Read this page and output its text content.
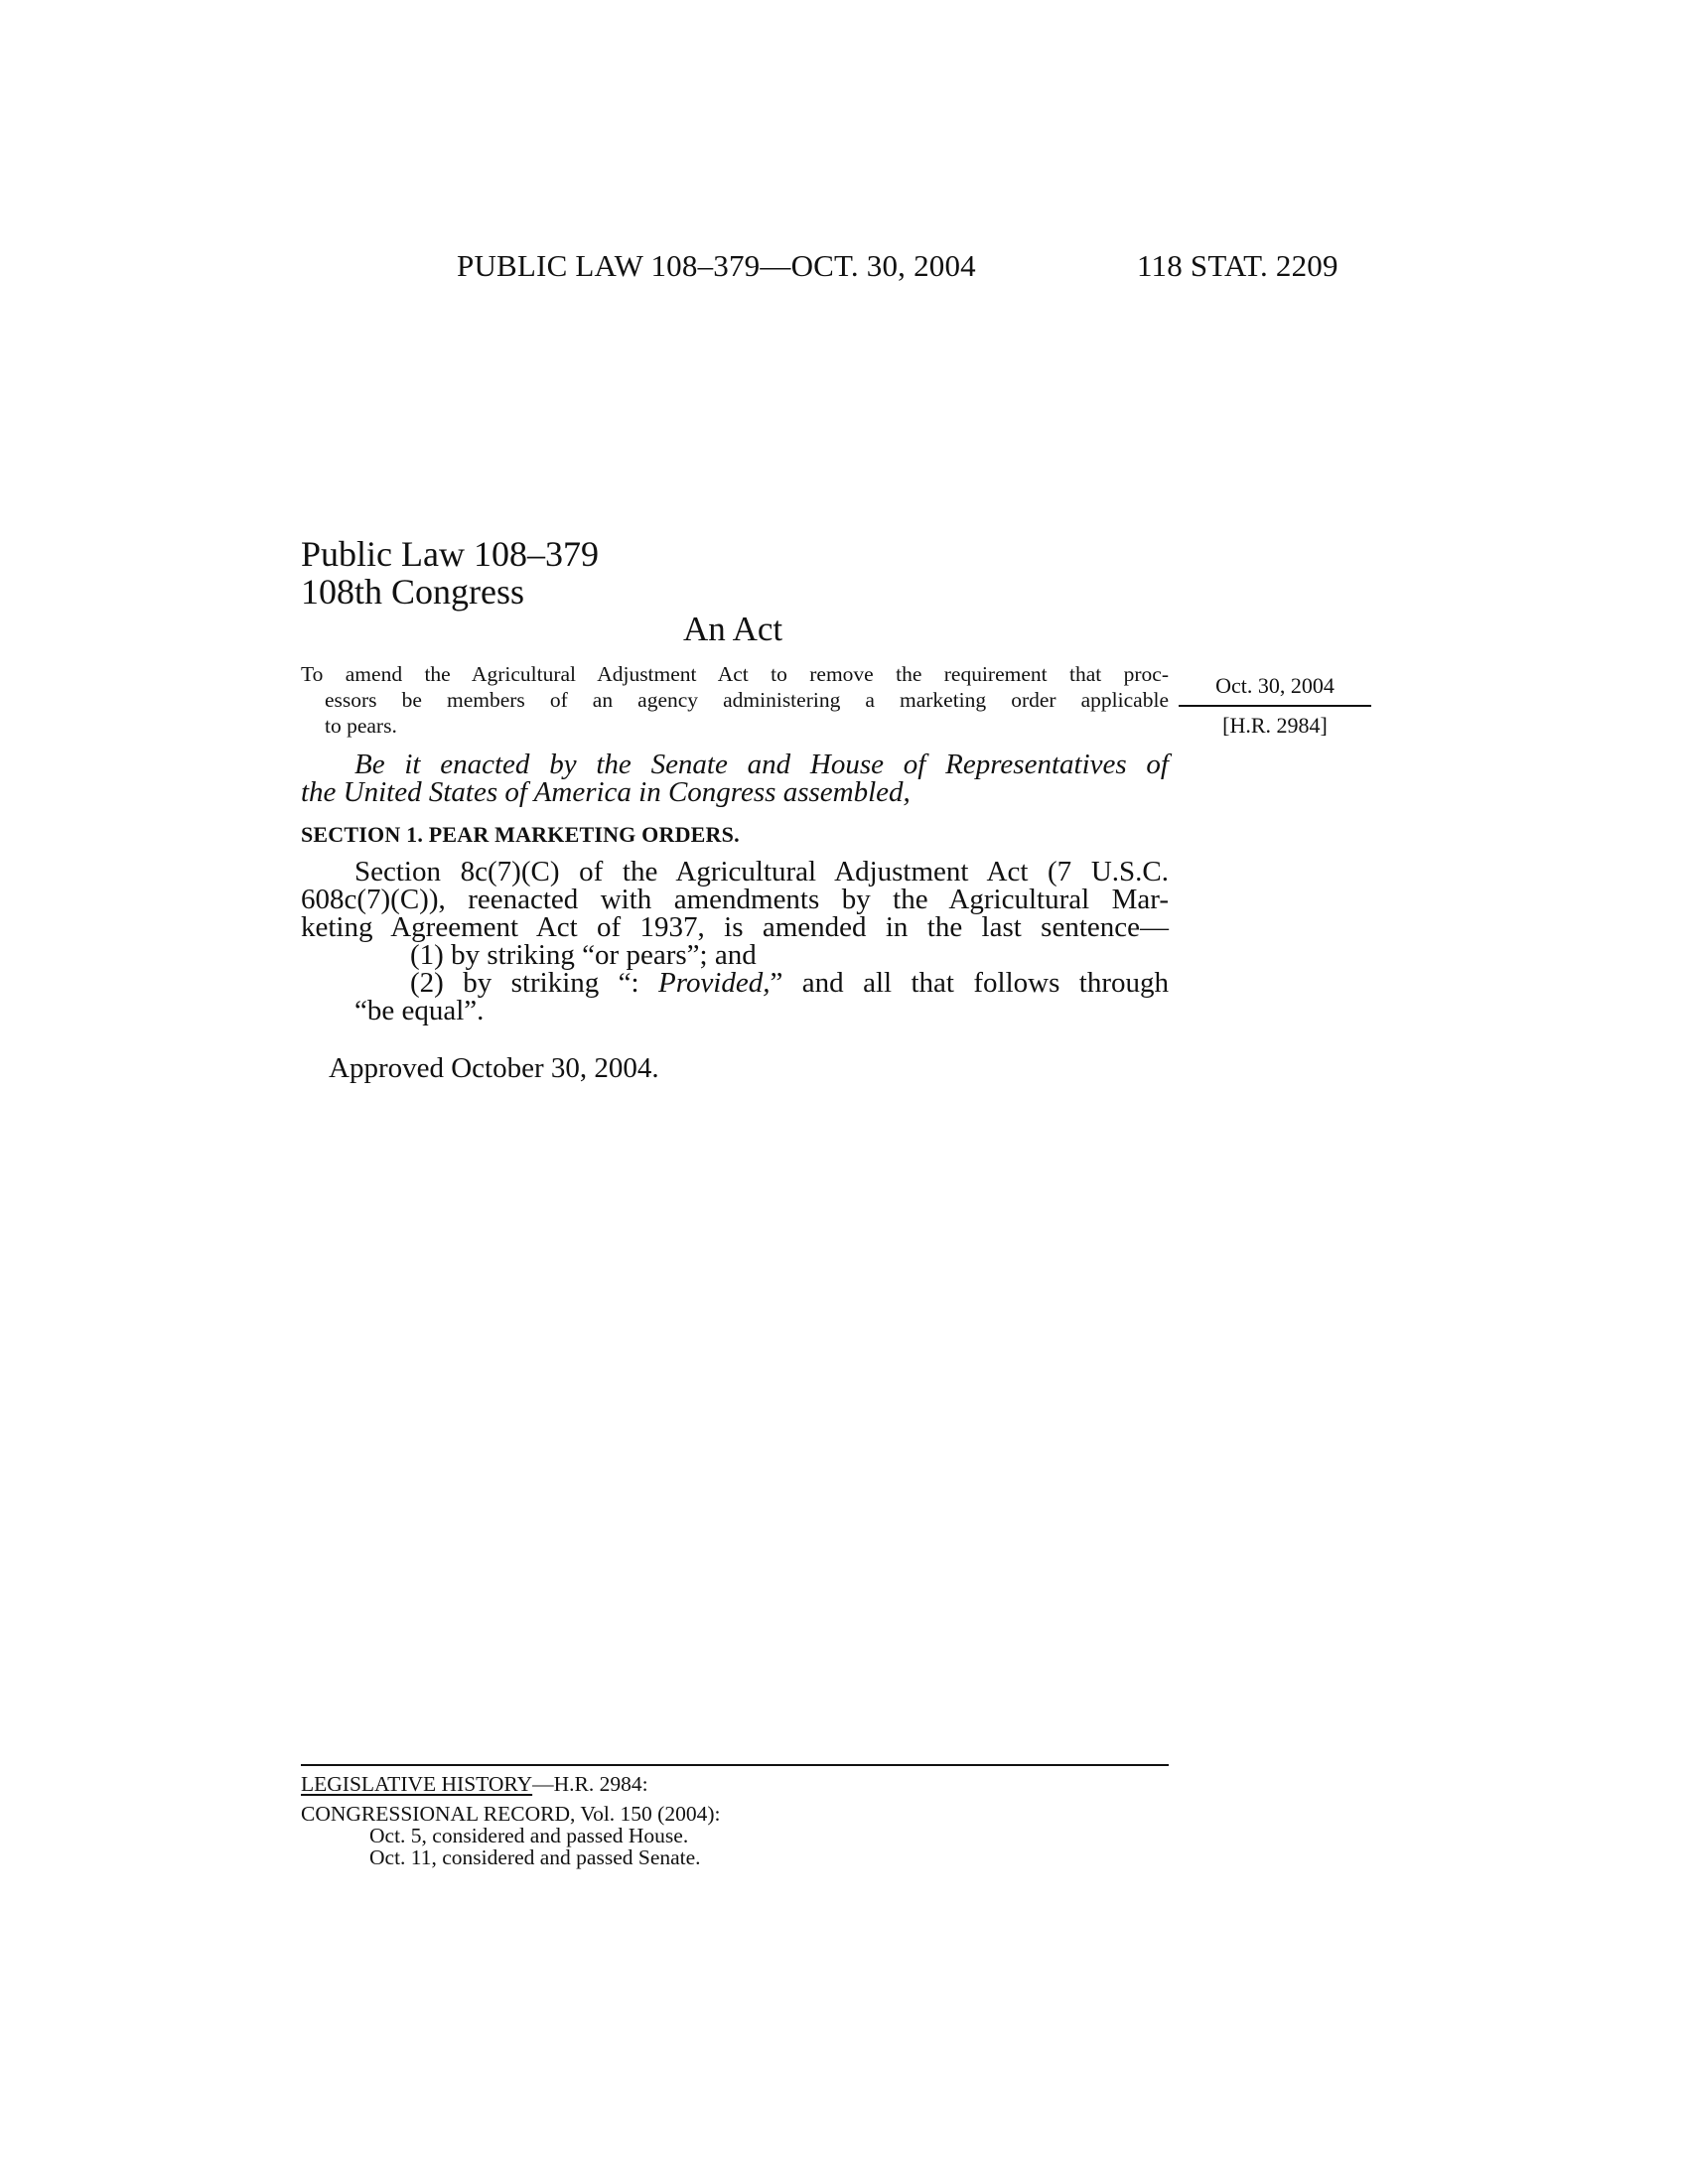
PUBLIC LAW 108–379—OCT. 30, 2004	118 STAT. 2209
Public Law 108–379
108th Congress
An Act
To amend the Agricultural Adjustment Act to remove the requirement that proc-
essors be members of an agency administering a marketing order applicable
to pears.
Oct. 30, 2004
[H.R. 2984]
Be it enacted by the Senate and House of Representatives of
the United States of America in Congress assembled,
SECTION 1. PEAR MARKETING ORDERS.
Section 8c(7)(C) of the Agricultural Adjustment Act (7 U.S.C.
608c(7)(C)), reenacted with amendments by the Agricultural Mar-
keting Agreement Act of 1937, is amended in the last sentence—
(1) by striking “or pears”; and
(2) by striking “: Provided,” and all that follows through
“be equal”.
Approved October 30, 2004.
LEGISLATIVE HISTORY—H.R. 2984:
CONGRESSIONAL RECORD, Vol. 150 (2004):
Oct. 5, considered and passed House.
Oct. 11, considered and passed Senate.
